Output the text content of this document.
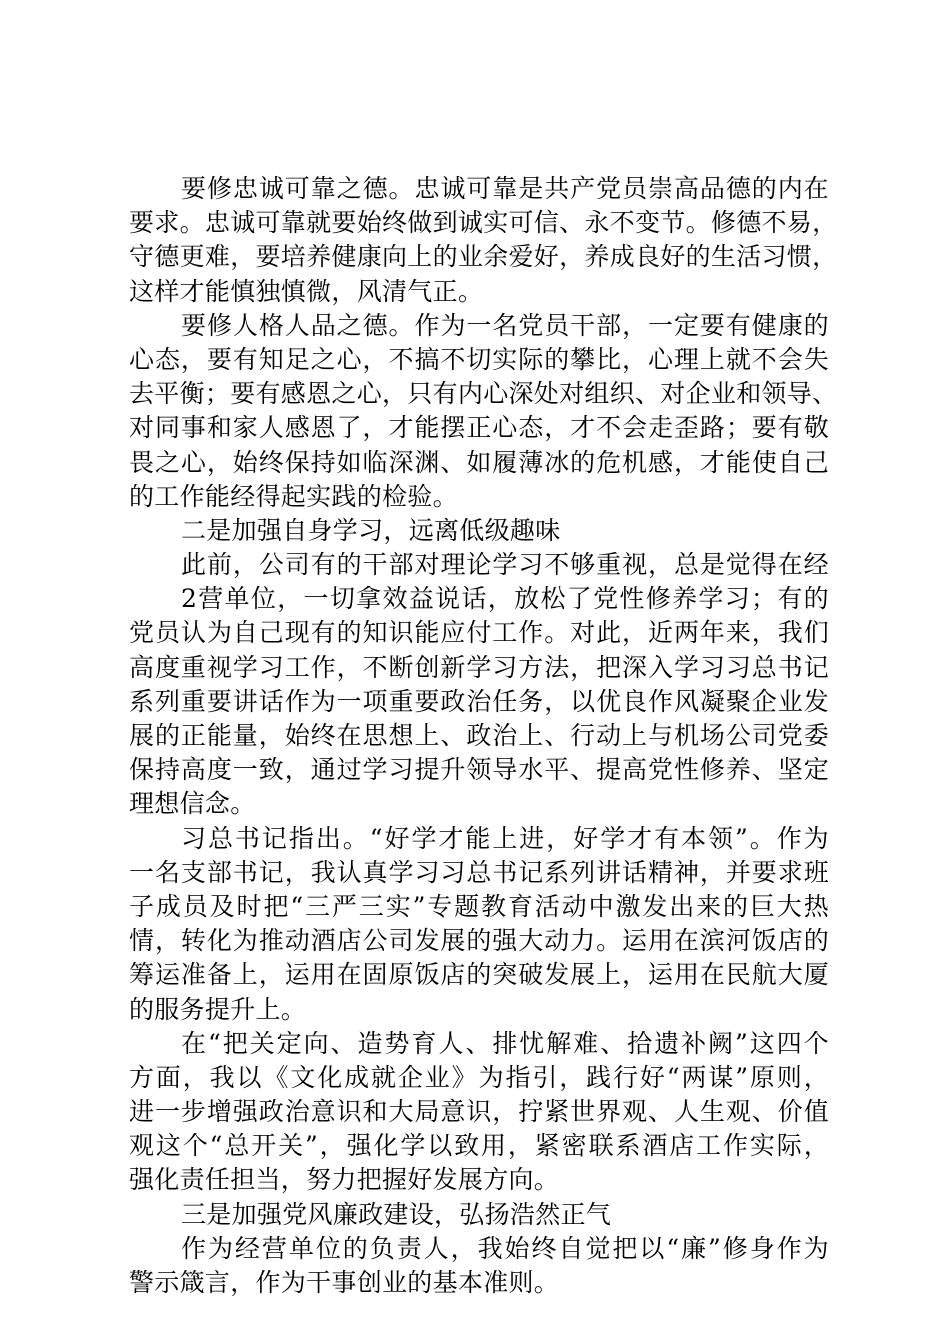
要修忠诚可靠之德。忠诚可靠是共产党员崇高品德的内在
要求。忠诚可靠就要始终做到诚实可信、永不变节。修德不易，
守德更难，要培养健康向上的业余爱好，养成良好的生活习惯，
这样才能慎独慎微，风清气正。
要修人格人品之德。作为一名党员干部，一定要有健康的
心态，要有知足之心，不搞不切实际的攀比，心理上就不会失
去平衡；要有感恩之心，只有内心深处对组织、对企业和领导、
对同事和家人感恩了，才能摆正心态，才不会走歪路；要有敬
畏之心，始终保持如临深渊、如履薄冰的危机感，才能使自己
的工作能经得起实践的检验。
二是加强自身学习，远离低级趣味
此前，公司有的干部对理论学习不够重视，总是觉得在经
2营单位，一切拿效益说话，放松了党性修养学习；有的
党员认为自己现有的知识能应付工作。对此，近两年来，我们
高度重视学习工作，不断创新学习方法，把深入学习习总书记
系列重要讲话作为一项重要政治任务，以优良作风凝聚企业发
展的正能量，始终在思想上、政治上、行动上与机场公司党委
保持高度一致，通过学习提升领导水平、提高党性修养、坚定
理想信念。
习总书记指出。“好学才能上进，好学才有本领”。作为
一名支部书记，我认真学习习总书记系列讲话精神，并要求班
子成员及时把“三严三实”专题教育活动中激发出来的巨大热
情，转化为推动酒店公司发展的强大动力。运用在滨河饭店的
筹运准备上，运用在固原饭店的突破发展上，运用在民航大厦
的服务提升上。
在“把关定向、造势育人、排忧解难、拾遗补阙”这四个
方面，我以《文化成就企业》为指引，践行好“两谋”原则，
进一步增强政治意识和大局意识，拧紧世界观、人生观、价值
观这个“总开关”，强化学以致用，紧密联系酒店工作实际，
强化责任担当，努力把握好发展方向。
三是加强党风廉政建设，弘扬浩然正气
作为经营单位的负责人，我始终自觉把以“廉”修身作为
警示箴言，作为干事创业的基本准则。
